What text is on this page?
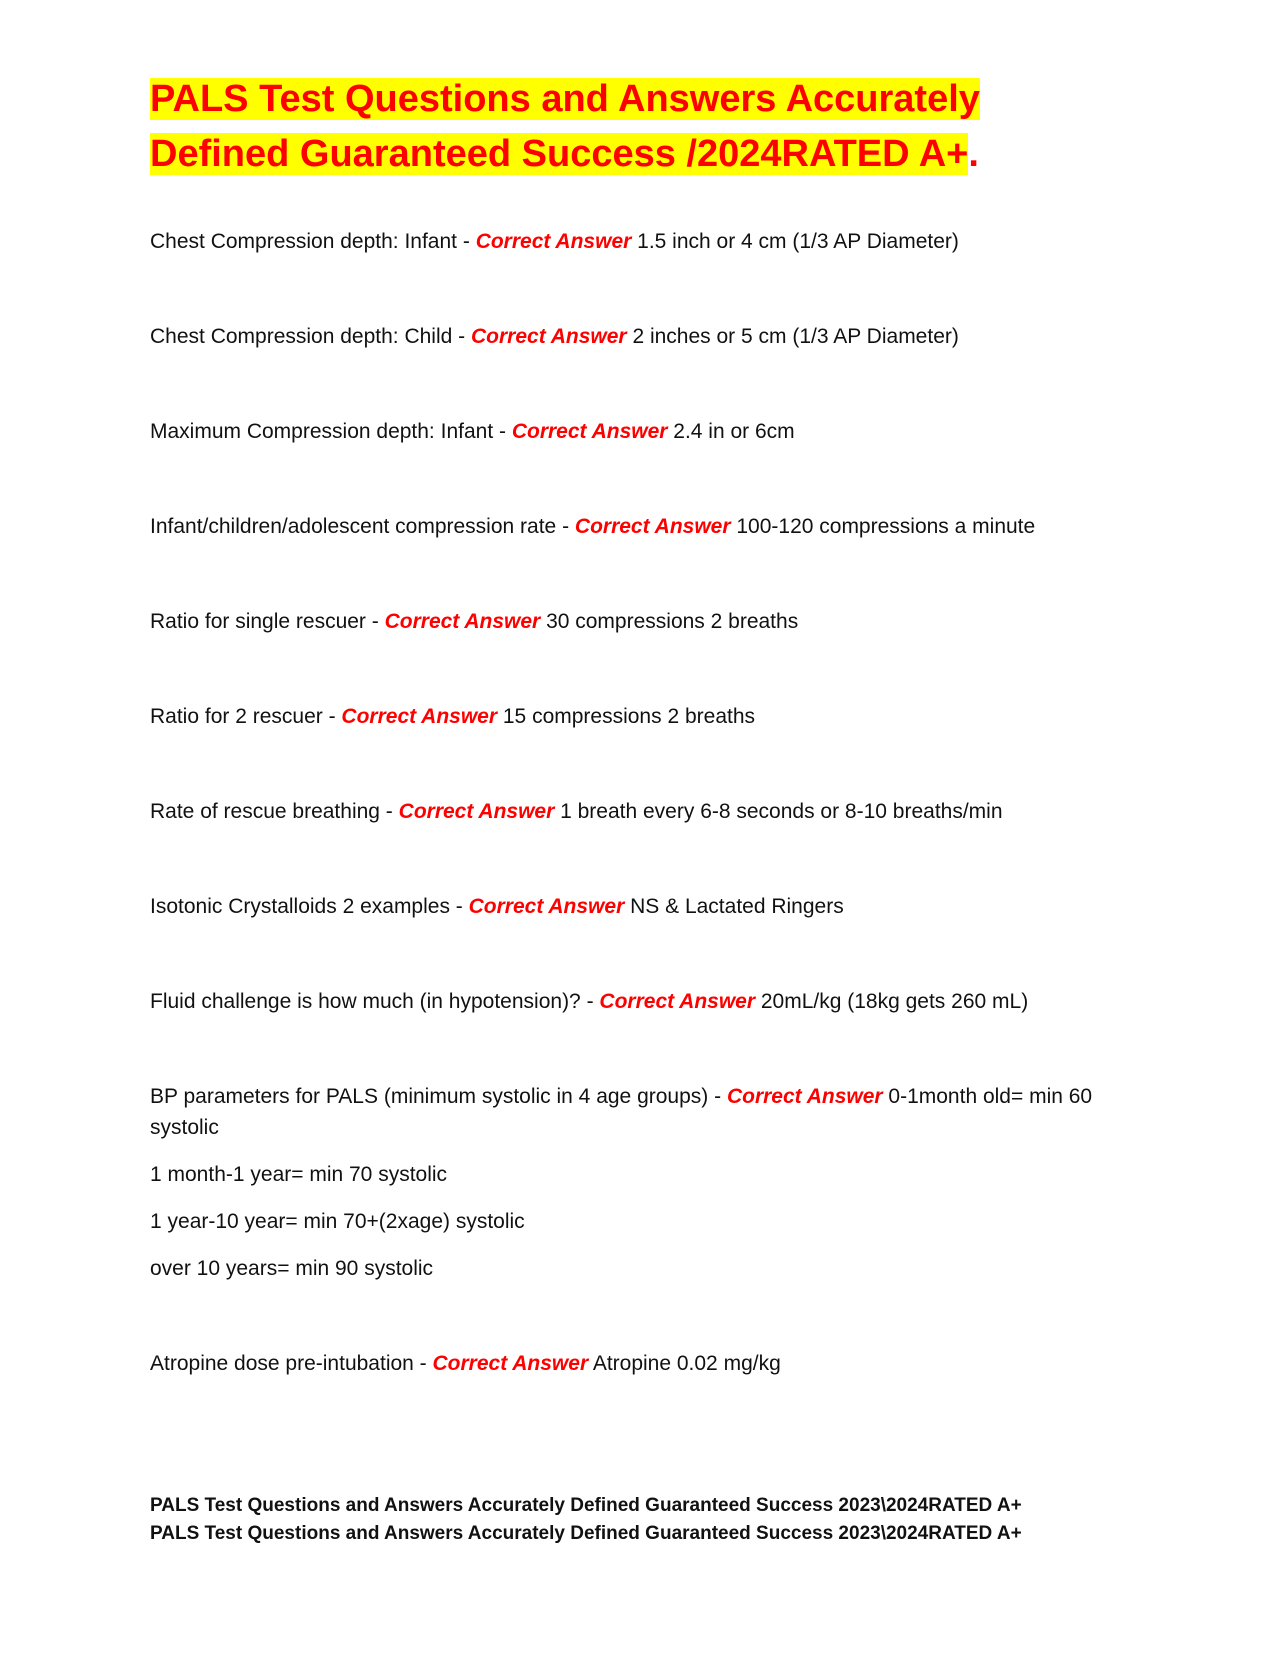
PALS Test Questions and Answers Accurately
Defined Guaranteed Success /2024RATED A+.

Chest Compression depth: Infant - Correct Answer 1.5 inch or 4 cm (1/3 AP Diameter)

Chest Compression depth: Child - Correct Answer 2 inches or 5 cm (1/3 AP Diameter)

Maximum Compression depth: Infant - Correct Answer 2.4 in or 6cm

Infant/children/adolescent compression rate - Correct Answer 100-120 compressions a minute

Ratio for single rescuer - Correct Answer 30 compressions 2 breaths

Ratio for 2 rescuer - Correct Answer 15 compressions 2 breaths

Rate of rescue breathing - Correct Answer 1 breath every 6-8 seconds or 8-10 breaths/min

Isotonic Crystalloids 2 examples - Correct Answer NS & Lactated Ringers

Fluid challenge is how much (in hypotension)? - Correct Answer 20mL/kg (18kg gets 260 mL)

BP parameters for PALS (minimum systolic in 4 age groups) - Correct Answer 0-1month old= min 60 systolic

1 month-1 year= min 70 systolic

1 year-10 year= min 70+(2xage) systolic

over 10 years= min 90 systolic

Atropine dose pre-intubation - Correct Answer Atropine 0.02 mg/kg

PALS Test Questions and Answers Accurately Defined Guaranteed Success 2023\2024RATED A+

PALS Test Questions and Answers Accurately Defined Guaranteed Success 2023\2024RATED A+
